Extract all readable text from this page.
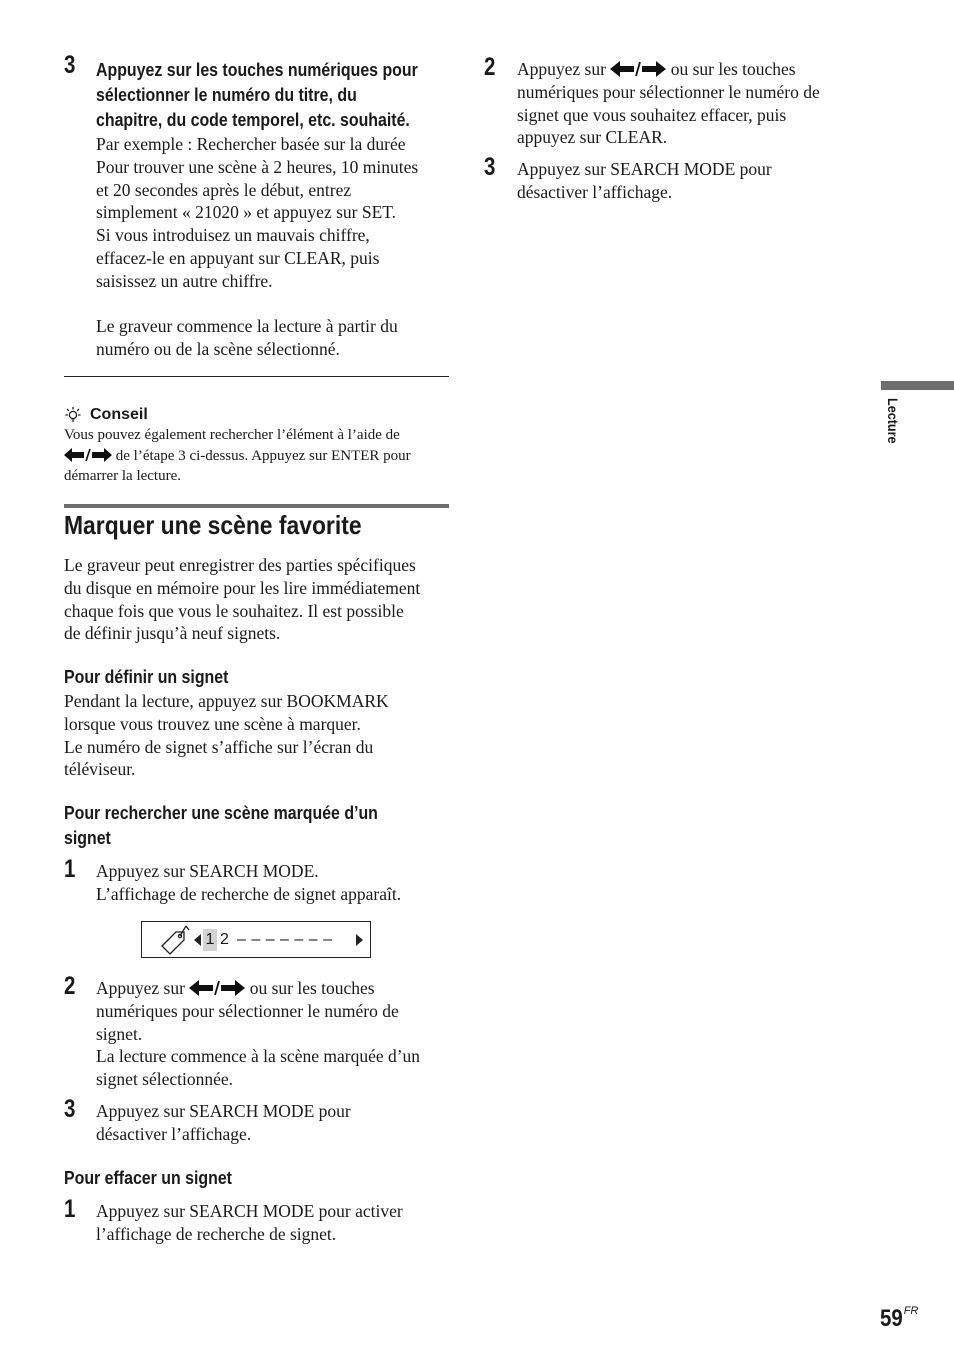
3 Appuyez sur les touches numériques pour
sélectionner le numéro du titre, du
chapitre, du code temporel, etc. souhaité.
Par exemple : Rechercher basée sur la durée
Pour trouver une scène à 2 heures, 10 minutes
et 20 secondes après le début, entrez
simplement « 21020 » et appuyez sur SET.
Si vous introduisez un mauvais chiffre,
effacez-le en appuyant sur CLEAR, puis
saisissez un autre chiffre.
Le graveur commence la lecture à partir du
numéro ou de la scène sélectionné.
Conseil
Vous pouvez également rechercher l’élément à l’aide de
de l’étape 3 ci-dessus. Appuyez sur ENTER pour
démarrer la lecture.
Marquer une scène favorite
Le graveur peut enregistrer des parties spécifiques
du disque en mémoire pour les lire immédiatement
chaque fois que vous le souhaitez. Il est possible
de définir jusqu’à neuf signets.
Pour définir un signet
Pendant la lecture, appuyez sur BOOKMARK
lorsque vous trouvez une scène à marquer.
Le numéro de signet s’affiche sur l’écran du
téléviseur.
Pour rechercher une scène marquée d’un
signet
1 Appuyez sur SEARCH MODE.
L’affichage de recherche de signet apparaît.
1 2 – – – – – – –
2 Appuyez sur	ou sur les touches
numériques pour sélectionner le numéro de
signet.
La lecture commence à la scène marquée d’un
signet sélectionnée.
3 Appuyez sur SEARCH MODE pour
désactiver l’affichage.
Pour effacer un signet
1 Appuyez sur SEARCH MODE pour activer
l’affichage de recherche de signet.
2 Appuyez sur	ou sur les touches
numériques pour sélectionner le numéro de
signet que vous souhaitez effacer, puis
appuyez sur CLEAR.
3 Appuyez sur SEARCH MODE pour
désactiver l’affichage.
Lecture
$59^{FR}$
